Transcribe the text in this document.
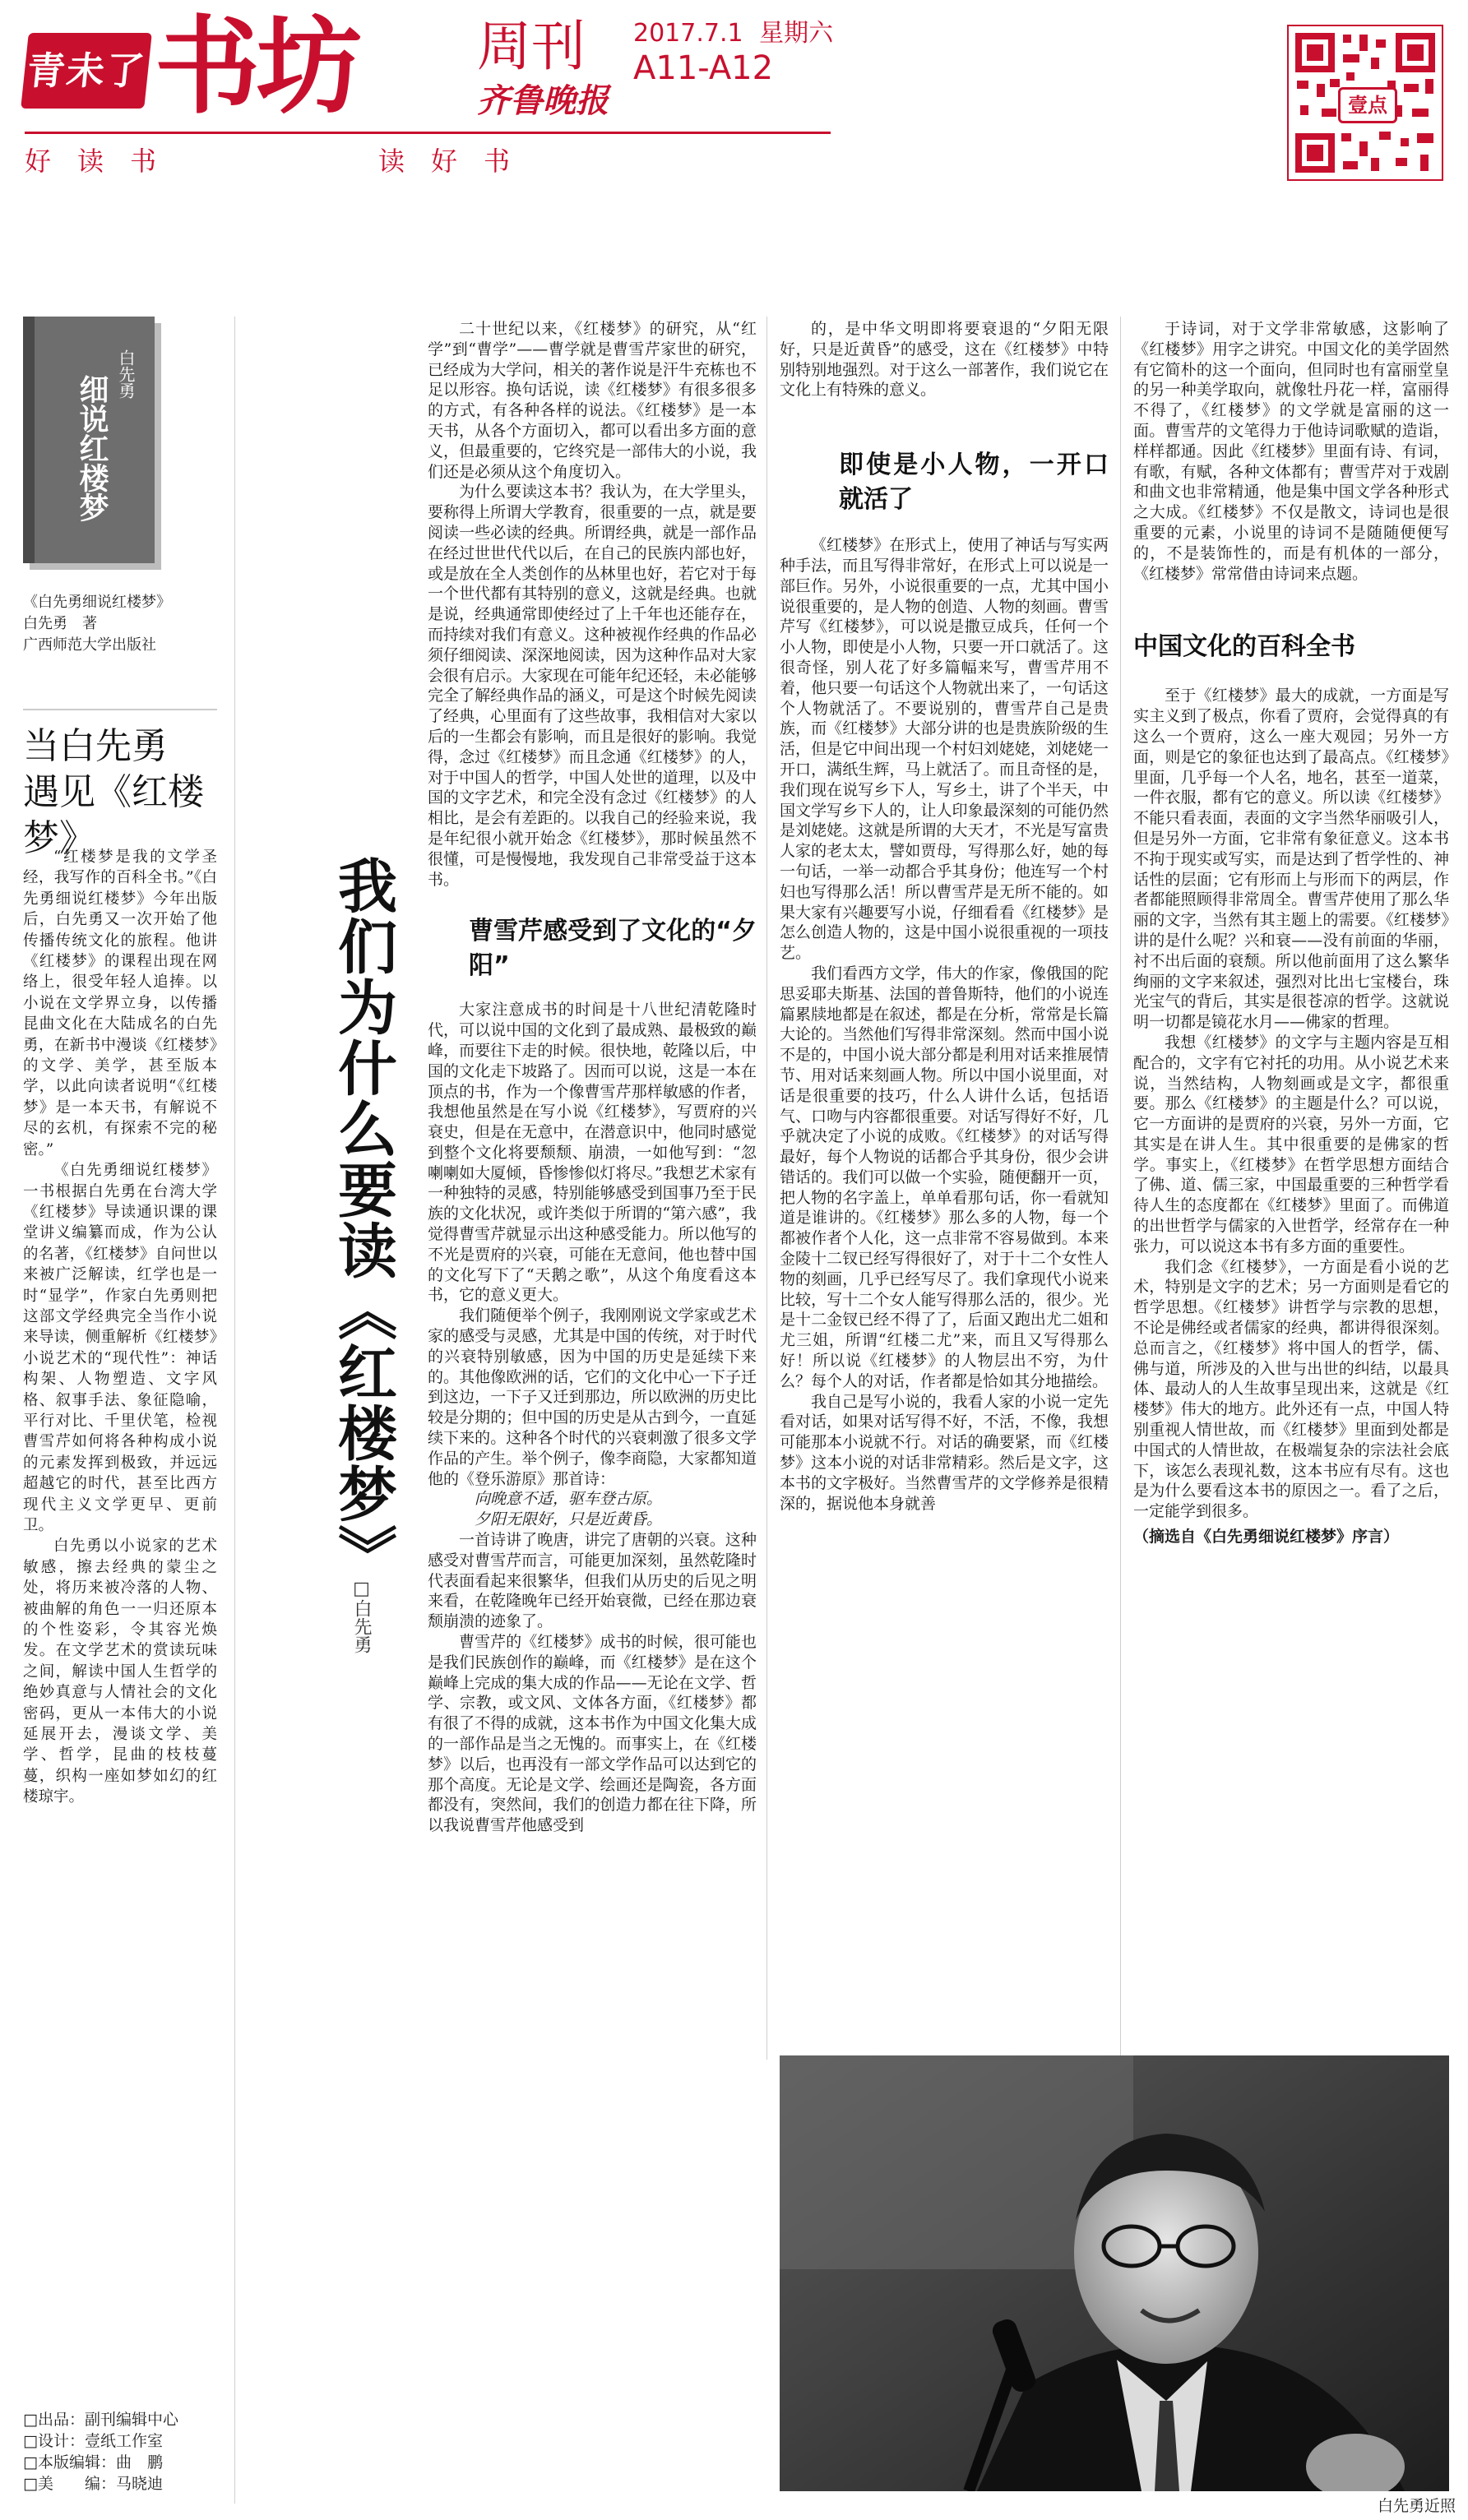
青未了 书坊 周刊
齐鲁晚报
2017.7.1 星期六
A11-A12
好读书	读好书
壹点
白先勇
细说红楼梦
《白先勇细说红楼梦》
白先勇　著
广西师范大学出版社
当白先勇
遇见《红楼梦》

“红楼梦是我的文学圣经，我写作的百科全书。”《白先勇细说红楼梦》今年出版后，白先勇又一次开始了他传播传统文化的旅程。他讲《红楼梦》的课程出现在网络上，很受年轻人追捧。以小说在文学界立身，以传播昆曲文化在大陆成名的白先勇，在新书中漫谈《红楼梦》的文学、美学，甚至版本学，以此向读者说明“《红楼梦》是一本天书，有解说不尽的玄机，有探索不完的秘密。”

《白先勇细说红楼梦》一书根据白先勇在台湾大学《红楼梦》导读通识课的课堂讲义编纂而成，作为公认的名著，《红楼梦》自问世以来被广泛解读，红学也是一时“显学”，作家白先勇则把这部文学经典完全当作小说来导读，侧重解析《红楼梦》小说艺术的“现代性”：神话构架、人物塑造、文字风格、叙事手法、象征隐喻，平行对比、千里伏笔，检视曹雪芹如何将各种构成小说的元素发挥到极致，并远远超越它的时代，甚至比西方现代主义文学更早、更前卫。

白先勇以小说家的艺术敏感，擦去经典的蒙尘之处，将历来被冷落的人物、被曲解的角色一一归还原本的个性姿彩，令其容光焕发。在文学艺术的赏读玩味之间，解读中国人生哲学的绝妙真意与人情社会的文化密码，更从一本伟大的小说延展开去，漫谈文学、美学、哲学，昆曲的枝枝蔓蔓，织构一座如梦如幻的红楼琼宇。

□出品：副刊编辑中心
□设计：壹纸工作室
□本版编辑：曲　鹏
□美　　编：马晓迪
我们为什么要读《红楼梦》
□白先勇

二十世纪以来，《红楼梦》的研究，从“红学”到“曹学”——曹学就是曹雪芹家世的研究，已经成为大学问，相关的著作说是汗牛充栋也不足以形容。换句话说，读《红楼梦》有很多很多的方式，有各种各样的说法。《红楼梦》是一本天书，从各个方面切入，都可以看出多方面的意义，但最重要的，它终究是一部伟大的小说，我们还是必须从这个角度切入。

为什么要读这本书？我认为，在大学里头，要称得上所谓大学教育，很重要的一点，就是要阅读一些必读的经典。所谓经典，就是一部作品在经过世世代代以后，在自己的民族内部也好，或是放在全人类创作的丛林里也好，若它对于每一个世代都有其特别的意义，这就是经典。也就是说，经典通常即使经过了上千年也还能存在，而持续对我们有意义。这种被视作经典的作品必须仔细阅读、深深地阅读，因为这种作品对大家会很有启示。大家现在可能年纪还轻，未必能够完全了解经典作品的涵义，可是这个时候先阅读了经典，心里面有了这些故事，我相信对大家以后的一生都会有影响，而且是很好的影响。我觉得，念过《红楼梦》而且念通《红楼梦》的人，对于中国人的哲学，中国人处世的道理，以及中国的文字艺术，和完全没有念过《红楼梦》的人相比，是会有差距的。以我自己的经验来说，我是年纪很小就开始念《红楼梦》，那时候虽然不很懂，可是慢慢地，我发现自己非常受益于这本书。

曹雪芹感受到了文化的“夕阳”

大家注意成书的时间是十八世纪清乾隆时代，可以说中国的文化到了最成熟、最极致的巅峰，而要往下走的时候。很快地，乾隆以后，中国的文化走下坡路了。因而可以说，这是一本在顶点的书，作为一个像曹雪芹那样敏感的作者，我想他虽然是在写小说《红楼梦》，写贾府的兴衰史，但是在无意中，在潜意识中，他同时感觉到整个文化将要颓颓、崩溃，一如他写到：“忽喇喇如大厦倾，昏惨惨似灯将尽。”我想艺术家有一种独特的灵感，特别能够感受到国事乃至于民族的文化状况，或许类似于所谓的“第六感”，我觉得曹雪芹就显示出这种感受能力。所以他写的不光是贾府的兴衰，可能在无意间，他也替中国的文化写下了“天鹅之歌”，从这个角度看这本书，它的意义更大。

我们随便举个例子，我刚刚说文学家或艺术家的感受与灵感，尤其是中国的传统，对于时代的兴衰特别敏感，因为中国的历史是延续下来的。其他像欧洲的话，它们的文化中心一下子迁到这边，一下子又迁到那边，所以欧洲的历史比较是分期的；但中国的历史是从古到今，一直延续下来的。这种各个时代的兴衰刺激了很多文学作品的产生。举个例子，像李商隐，大家都知道他的《登乐游原》那首诗：

向晚意不适，驱车登古原。

夕阳无限好，只是近黄昏。

一首诗讲了晚唐，讲完了唐朝的兴衰。这种感受对曹雪芹而言，可能更加深刻，虽然乾隆时代表面看起来很繁华，但我们从历史的后见之明来看，在乾隆晚年已经开始衰微，已经在那边衰颓崩溃的迹象了。

曹雪芹的《红楼梦》成书的时候，很可能也是我们民族创作的巅峰，而《红楼梦》是在这个巅峰上完成的集大成的作品——无论在文学、哲学、宗教，或文风、文体各方面，《红楼梦》都有很了不得的成就，这本书作为中国文化集大成的一部作品是当之无愧的。而事实上，在《红楼梦》以后，也再没有一部文学作品可以达到它的那个高度。无论是文学、绘画还是陶瓷，各方面都没有，突然间，我们的创造力都在往下降，所以我说曹雪芹他感受到

的，是中华文明即将要衰退的“夕阳无限好，只是近黄昏”的感受，这在《红楼梦》中特别特别地强烈。对于这么一部著作，我们说它在文化上有特殊的意义。

即使是小人物，一开口就活了

《红楼梦》在形式上，使用了神话与写实两种手法，而且写得非常好，在形式上可以说是一部巨作。另外，小说很重要的一点，尤其中国小说很重要的，是人物的创造、人物的刻画。曹雪芹写《红楼梦》，可以说是撒豆成兵，任何一个小人物，即使是小人物，只要一开口就活了。这很奇怪，别人花了好多篇幅来写，曹雪芹用不着，他只要一句话这个人物就出来了，一句话这个人物就活了。不要说别的，曹雪芹自己是贵族，而《红楼梦》大部分讲的也是贵族阶级的生活，但是它中间出现一个村妇刘姥姥，刘姥姥一开口，满纸生辉，马上就活了。而且奇怪的是，我们现在说写乡下人，写乡土，讲了个半天，中国文学写乡下人的，让人印象最深刻的可能仍然是刘姥姥。这就是所谓的大天才，不光是写富贵人家的老太太，譬如贾母，写得那么好，她的每一句话，一举一动都合乎其身份；他连写一个村妇也写得那么活！所以曹雪芹是无所不能的。如果大家有兴趣要写小说，仔细看看《红楼梦》是怎么创造人物的，这是中国小说很重视的一项技艺。

我们看西方文学，伟大的作家，像俄国的陀思妥耶夫斯基、法国的普鲁斯特，他们的小说连篇累牍地都是在叙述，都是在分析，常常是长篇大论的。当然他们写得非常深刻。然而中国小说不是的，中国小说大部分都是利用对话来推展情节、用对话来刻画人物。所以中国小说里面，对话是很重要的技巧，什么人讲什么话，包括语气、口吻与内容都很重要。对话写得好不好，几乎就决定了小说的成败。《红楼梦》的对话写得最好，每个人物说的话都合乎其身份，很少会讲错话的。我们可以做一个实验，随便翻开一页，把人物的名字盖上，单单看那句话，你一看就知道是谁讲的。《红楼梦》那么多的人物，每一个都被作者个人化，这一点非常不容易做到。本来金陵十二钗已经写得很好了，对于十二个女性人物的刻画，几乎已经写尽了。我们拿现代小说来比较，写十二个女人能写得那么活的，很少。光是十二金钗已经不得了了，后面又跑出尤二姐和尤三姐，所谓“红楼二尤”来，而且又写得那么好！所以说《红楼梦》的人物层出不穷，为什么？每个人的对话，作者都是恰如其分地描绘。

我自己是写小说的，我看人家的小说一定先看对话，如果对话写得不好，不活，不像，我想可能那本小说就不行。对话的确要紧，而《红楼梦》这本小说的对话非常精彩。然后是文字，这本书的文字极好。当然曹雪芹的文学修养是很精深的，据说他本身就善

于诗词，对于文学非常敏感，这影响了《红楼梦》用字之讲究。中国文化的美学固然有它简朴的这一个面向，但同时也有富丽堂皇的另一种美学取向，就像牡丹花一样，富丽得不得了，《红楼梦》的文学就是富丽的这一面。曹雪芹的文笔得力于他诗词歌赋的造诣，样样都通。因此《红楼梦》里面有诗、有词，有歌，有赋，各种文体都有；曹雪芹对于戏剧和曲文也非常精通，他是集中国文学各种形式之大成。《红楼梦》不仅是散文，诗词也是很重要的元素，小说里的诗词不是随随便便写的，不是装饰性的，而是有机体的一部分，《红楼梦》常常借由诗词来点题。

中国文化的百科全书

至于《红楼梦》最大的成就，一方面是写实主义到了极点，你看了贾府，会觉得真的有这么一个贾府，这么一座大观园；另外一方面，则是它的象征也达到了最高点。《红楼梦》里面，几乎每一个人名，地名，甚至一道菜，一件衣服，都有它的意义。所以读《红楼梦》不能只看表面，表面的文字当然华丽吸引人，但是另外一方面，它非常有象征意义。这本书不拘于现实或写实，而是达到了哲学性的、神话性的层面；它有形而上与形而下的两层，作者都能照顾得非常周全。曹雪芹使用了那么华丽的文字，当然有其主题上的需要。《红楼梦》讲的是什么呢？兴和衰——没有前面的华丽，衬不出后面的衰颓。所以他前面用了这么繁华绚丽的文字来叙述，强烈对比出七宝楼台，珠光宝气的背后，其实是很苍凉的哲学。这就说明一切都是镜花水月——佛家的哲理。

我想《红楼梦》的文字与主题内容是互相配合的，文字有它衬托的功用。从小说艺术来说，当然结构，人物刻画或是文字，都很重要。那么《红楼梦》的主题是什么？可以说，它一方面讲的是贾府的兴衰，另外一方面，它其实是在讲人生。其中很重要的是佛家的哲学。事实上，《红楼梦》在哲学思想方面结合了佛、道、儒三家，中国最重要的三种哲学看待人生的态度都在《红楼梦》里面了。而佛道的出世哲学与儒家的入世哲学，经常存在一种张力，可以说这本书有多方面的重要性。

我们念《红楼梦》，一方面是看小说的艺术，特别是文字的艺术；另一方面则是看它的哲学思想。《红楼梦》讲哲学与宗教的思想，不论是佛经或者儒家的经典，都讲得很深刻。总而言之，《红楼梦》将中国人的哲学，儒、佛与道，所涉及的入世与出世的纠结，以最具体、最动人的人生故事呈现出来，这就是《红楼梦》伟大的地方。此外还有一点，中国人特别重视人情世故，而《红楼梦》里面到处都是中国式的人情世故，在极端复杂的宗法社会底下，该怎么表现礼数，这本书应有尽有。这也是为什么要看这本书的原因之一。看了之后，一定能学到很多。

（摘选自《白先勇细说红楼梦》序言）

白先勇近照
